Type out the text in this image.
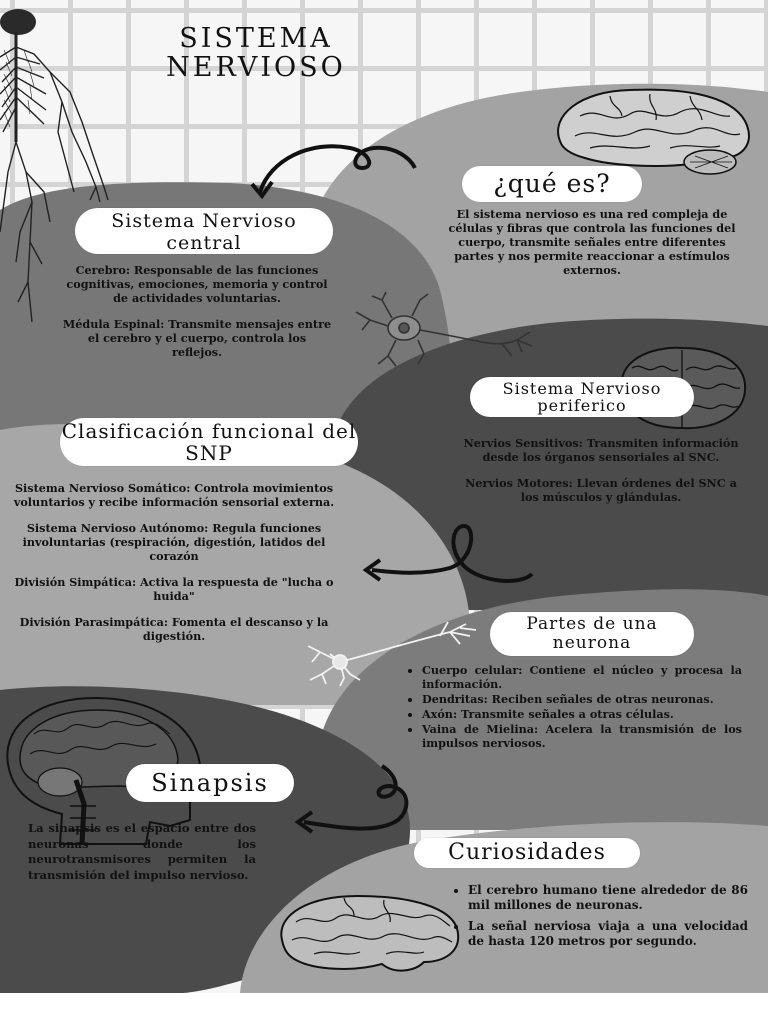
SISTEMA NERVIOSO
¿qué es?
El sistema nervioso es una red compleja de células y fibras que controla las funciones del cuerpo, transmite señales entre diferentes partes y nos permite reaccionar a estímulos externos.
Sistema Nervioso central

Cerebro: Responsable de las funciones cognitivas, emociones, memoria y control de actividades voluntarias.

Médula Espinal: Transmite mensajes entre el cerebro y el cuerpo, controla los reflejos.

Sistema Nervioso periferico

Nervios Sensitivos: Transmiten información desde los órganos sensoriales al SNC.

Nervios Motores: Llevan órdenes del SNC a los músculos y glándulas.

Clasificación funcional del SNP

Sistema Nervioso Somático: Controla movimientos voluntarios y recibe información sensorial externa.

Sistema Nervioso Autónomo: Regula funciones involuntarias (respiración, digestión, latidos del corazón

División Simpática: Activa la respuesta de "lucha o huida"

División Parasimpática: Fomenta el descanso y la digestión.

Partes de una neurona
• Cuerpo celular: Contiene el núcleo y procesa la información.
• Dendritas: Reciben señales de otras neuronas.
• Axón: Transmite señales a otras células.
• Vaina de Mielina: Acelera la transmisión de los impulsos nerviosos.
Sinapsis
La sinapsis es el espacio entre dos neuronas donde los neurotransmisores permiten la transmisión del impulso nervioso.
Curiosidades
• El cerebro humano tiene alrededor de 86 mil millones de neuronas.
• La señal nerviosa viaja a una velocidad de hasta 120 metros por segundo.
